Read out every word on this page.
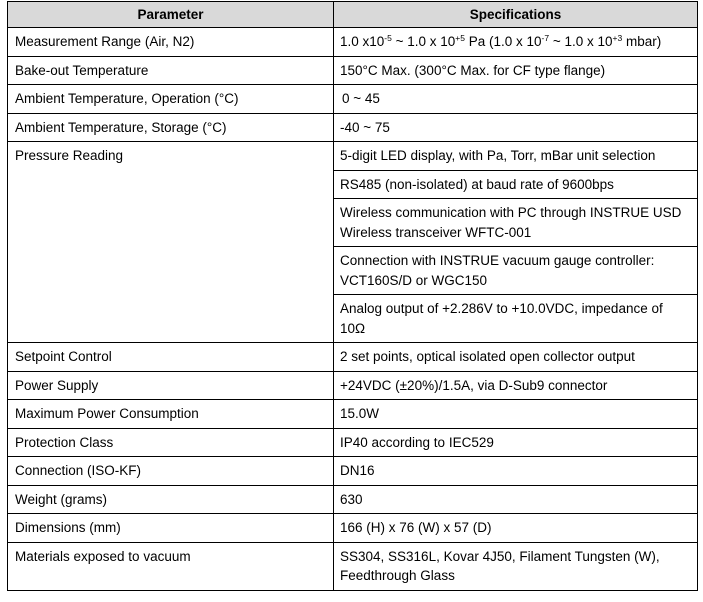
Parameter	Specifications
Measurement Range (Air, N2)	1.0 $x10^{-5}$ ~ 1.0 x $10^{+5}$ Pa (1.0 x $10^{-7}$ ~ 1.0 x $10^{+3}$ mbar)
Bake-out Temperature	150°C Max. (300°C Max. for CF type flange)
Ambient Temperature, Operation (°C)	0 ~ 45
Ambient Temperature, Storage (°C)	-40 ~ 75
Pressure Reading	5-digit LED display, with Pa, Torr, mBar unit selection
	RS485 (non-isolated) at baud rate of 9600bps
	Wireless communication with PC through INSTRUE USD Wireless transceiver WFTC-001
	Connection with INSTRUE vacuum gauge controller: VCT160S/D or WGC150
	Analog output of +2.286V to +10.0VDC, impedance of 10Ω
Setpoint Control	2 set points, optical isolated open collector output
Power Supply	+24VDC (±20%)/1.5A, via D-Sub9 connector
Maximum Power Consumption	15.0W
Protection Class	IP40 according to IEC529
Connection (ISO-KF)	DN16
Weight (grams)	630
Dimensions (mm)	166 (H) x 76 (W) x 57 (D)
Materials exposed to vacuum	SS304, SS316L, Kovar 4J50, Filament Tungsten (W), Feedthrough Glass
